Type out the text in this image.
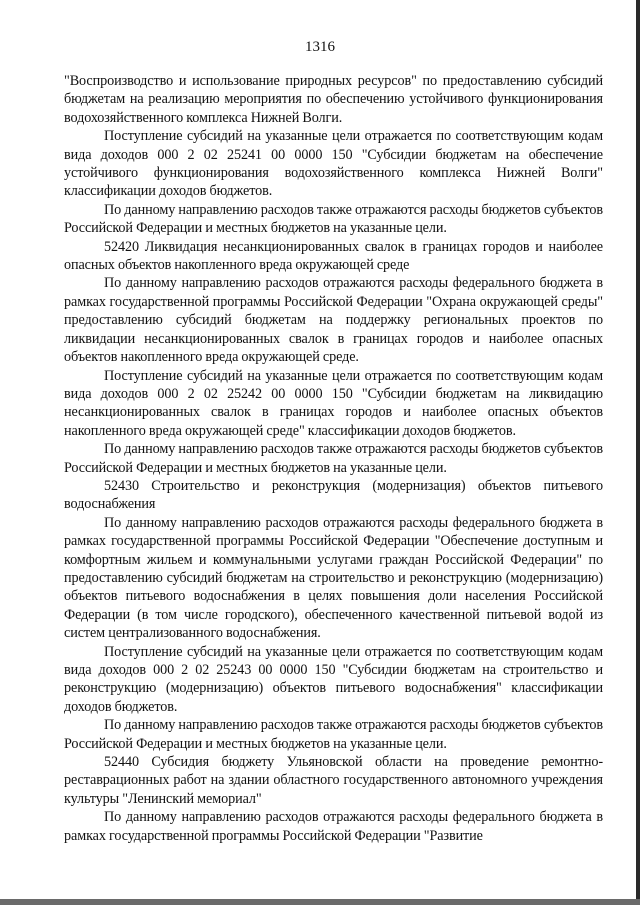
1316

"Воспроизводство и использование природных ресурсов" по предоставлению субсидий бюджетам на реализацию мероприятия по обеспечению устойчивого функционирования водохозяйственного комплекса Нижней Волги.

Поступление субсидий на указанные цели отражается по соответствующим кодам вида доходов 000 2 02 25241 00 0000 150 "Субсидии бюджетам на обеспечение устойчивого функционирования водохозяйственного комплекса Нижней Волги" классификации доходов бюджетов.

По данному направлению расходов также отражаются расходы бюджетов субъектов Российской Федерации и местных бюджетов на указанные цели.

52420 Ликвидация несанкционированных свалок в границах городов и наиболее опасных объектов накопленного вреда окружающей среде

По данному направлению расходов отражаются расходы федерального бюджета в рамках государственной программы Российской Федерации "Охрана окружающей среды" предоставлению субсидий бюджетам на поддержку региональных проектов по ликвидации несанкционированных свалок в границах городов и наиболее опасных объектов накопленного вреда окружающей среде.

Поступление субсидий на указанные цели отражается по соответствующим кодам вида доходов 000 2 02 25242 00 0000 150 "Субсидии бюджетам на ликвидацию несанкционированных свалок в границах городов и наиболее опасных объектов накопленного вреда окружающей среде" классификации доходов бюджетов.

По данному направлению расходов также отражаются расходы бюджетов субъектов Российской Федерации и местных бюджетов на указанные цели.

52430 Строительство и реконструкция (модернизация) объектов питьевого водоснабжения

По данному направлению расходов отражаются расходы федерального бюджета в рамках государственной программы Российской Федерации "Обеспечение доступным и комфортным жильем и коммунальными услугами граждан Российской Федерации" по предоставлению субсидий бюджетам на строительство и реконструкцию (модернизацию) объектов питьевого водоснабжения в целях повышения доли населения Российской Федерации (в том числе городского), обеспеченного качественной питьевой водой из систем централизованного водоснабжения.

Поступление субсидий на указанные цели отражается по соответствующим кодам вида доходов 000 2 02 25243 00 0000 150 "Субсидии бюджетам на строительство и реконструкцию (модернизацию) объектов питьевого водоснабжения" классификации доходов бюджетов.

По данному направлению расходов также отражаются расходы бюджетов субъектов Российской Федерации и местных бюджетов на указанные цели.

52440 Субсидия бюджету Ульяновской области на проведение ремонтно-реставрационных работ на здании областного государственного автономного учреждения культуры "Ленинский мемориал"

По данному направлению расходов отражаются расходы федерального бюджета в рамках государственной программы Российской Федерации "Развитие
